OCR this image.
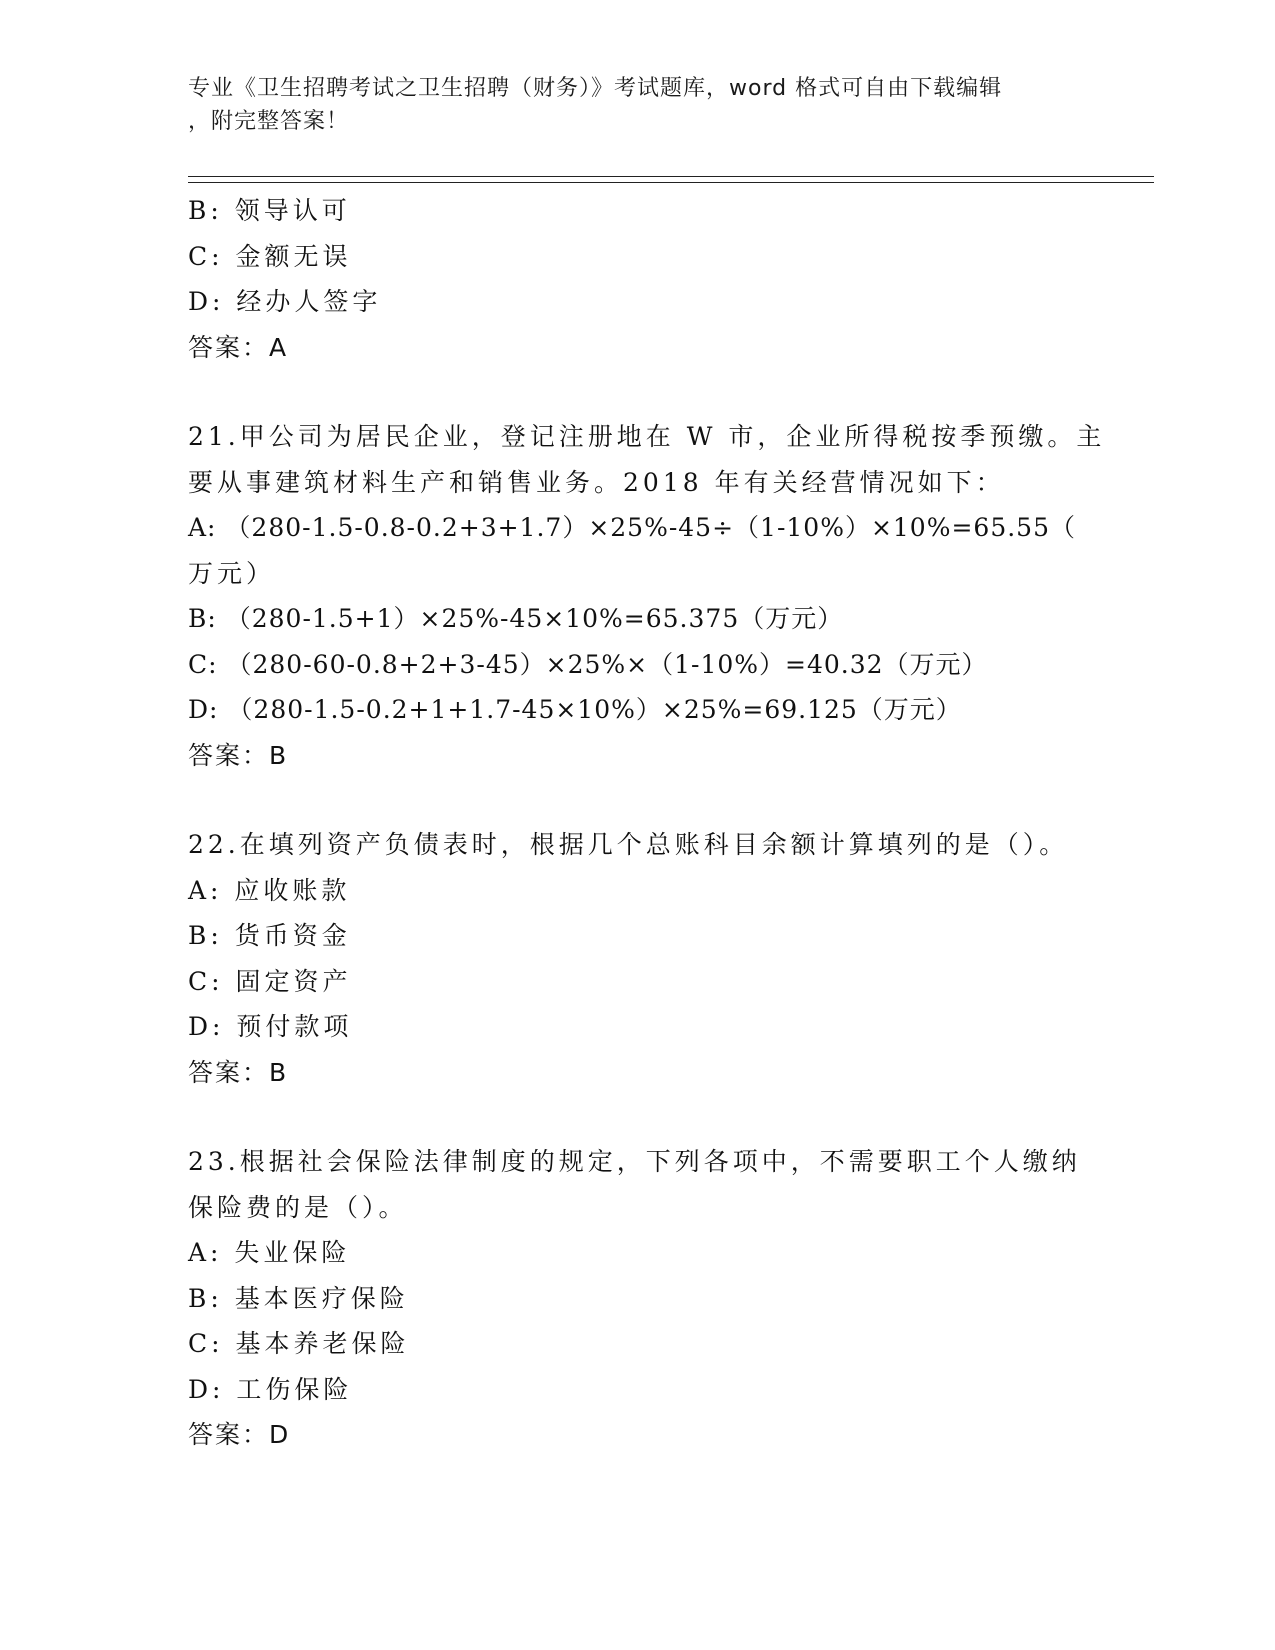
专业《卫生招聘考试之卫生招聘（财务）》考试题库，word 格式可自由下载编辑
，附完整答案！
B: 领导认可
C: 金额无误
D: 经办人签字
答案：A
21.甲公司为居民企业，登记注册地在 W 市，企业所得税按季预缴。主
要从事建筑材料生产和销售业务。2018 年有关经营情况如下：
A: （280-1.5-0.8-0.2+3+1.7）×25%-45÷（1-10%）×10%=65.55（
万元）
B: （280-1.5+1）×25%-45×10%=65.375（万元）
C: （280-60-0.8+2+3-45）×25%×（1-10%）=40.32（万元）
D: （280-1.5-0.2+1+1.7-45×10%）×25%=69.125（万元）
答案：B
22.在填列资产负债表时，根据几个总账科目余额计算填列的是（）。
A: 应收账款
B: 货币资金
C: 固定资产
D: 预付款项
答案：B
23.根据社会保险法律制度的规定，下列各项中，不需要职工个人缴纳
保险费的是（）。
A: 失业保险
B: 基本医疗保险
C: 基本养老保险
D: 工伤保险
答案：D
